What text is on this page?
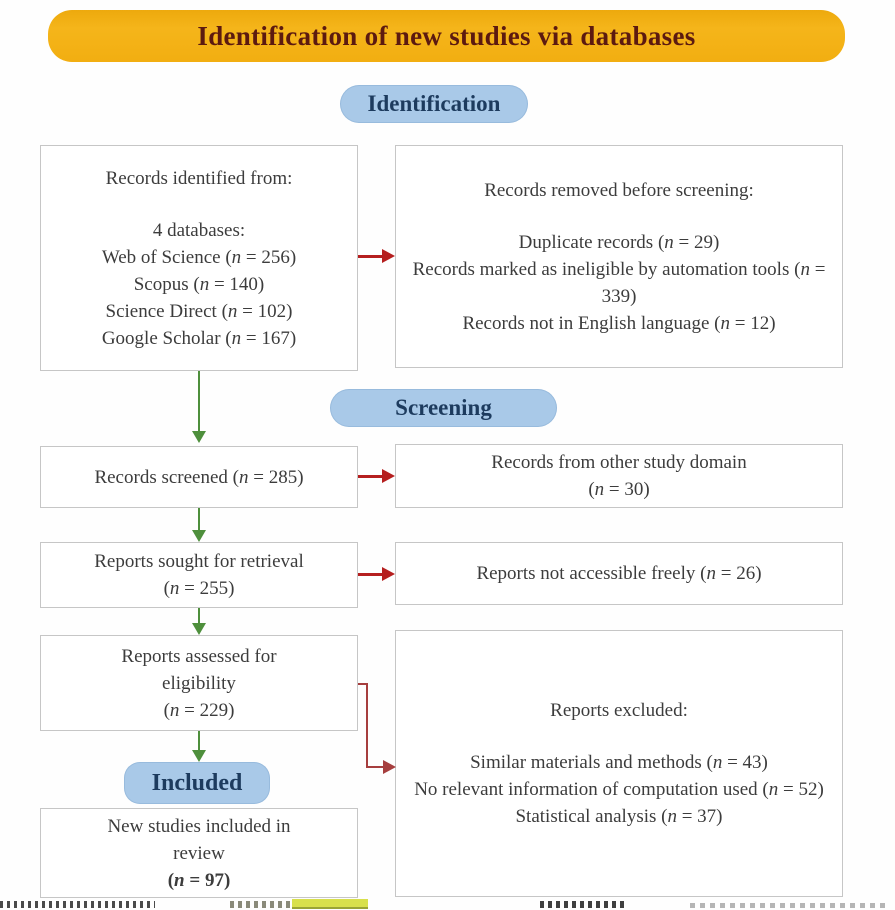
Identification of new studies via databases
Identification
Records identified from:
4 databases:
Web of Science (n = 256)
Scopus (n = 140)
Science Direct (n = 102)
Google Scholar (n = 167)
Records removed before screening:
Duplicate records (n = 29)
Records marked as ineligible by automation tools (n = 339)
Records not in English language (n = 12)
Screening
Records screened (n = 285)
Records from other study domain
(n = 30)
Reports sought for retrieval
(n = 255)
Reports not accessible freely (n = 26)
Reports assessed for
eligibility
(n = 229)	Reports excluded:
Similar materials and methods (n = 43)
No relevant information of computation used (n = 52)
Statistical analysis (n = 37)
Included
New studies included in
review
(n = 97)
